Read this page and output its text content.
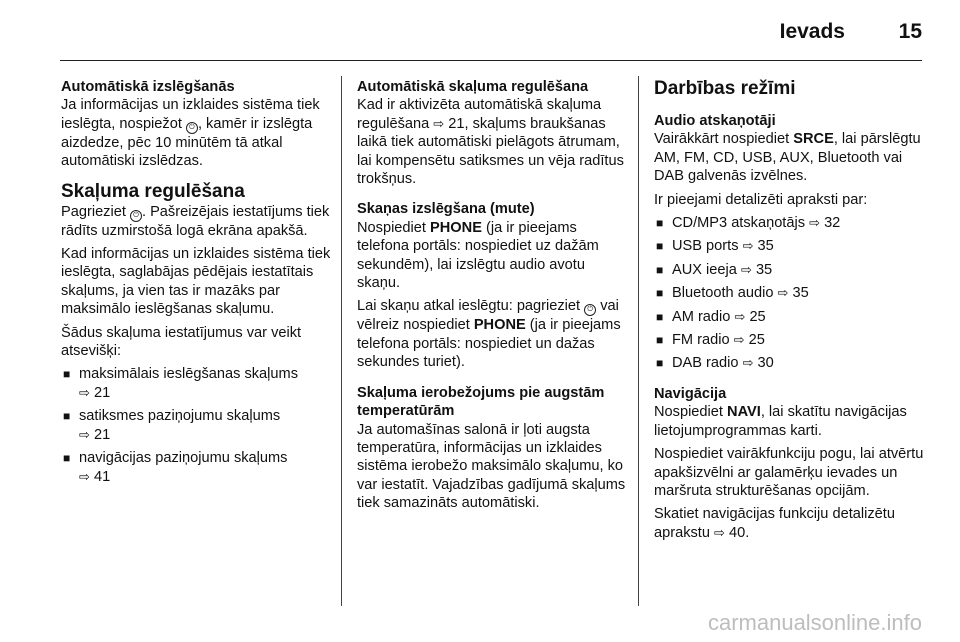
Ievads	15
Automātiskā izslēgšanās

Ja informācijas un izklaides sistēma tiek ieslēgta, nospiežot ⏻ , kamēr ir izslēgta aizdedze, pēc 10 minūtēm tā atkal automātiski izslēdzas.

Skaļuma regulēšana

Pagrieziet ⏻ . Pašreizējais iestatījums tiek rādīts uzmirstošā logā ekrāna apakšā.

Kad informācijas un izklaides sistēma tiek ieslēgta, saglabājas pēdējais iestatītais skaļums, ja vien tas ir mazāks par maksimālo ieslēgšanas skaļumu.

Šādus skaļuma iestatījumus var veikt atsevišķi:

■ maksimālais ieslēgšanas skaļums
⇨ 21
■ satiksmes paziņojumu skaļums
⇨ 21
■ navigācijas paziņojumu skaļums
⇨ 41
Automātiskā skaļuma regulēšana

Kad ir aktivizēta automātiskā skaļuma regulēšana ⇨ 21, skaļums braukšanas laikā tiek automātiski pielāgots ātrumam, lai kompensētu satiksmes un vēja radītus trokšņus.

Skaņas izslēgšana (mute)

Nospiediet PHONE (ja ir pieejams telefona portāls: nospiediet uz dažām sekundēm), lai izslēgtu audio avotu skaņu.

Lai skaņu atkal ieslēgtu: pagrieziet ⏻ vai vēlreiz nospiediet PHONE (ja ir pieejams telefona portāls: nospiediet un dažas sekundes turiet).

Skaļuma ierobežojums pie augstām temperatūrām

Ja automašīnas salonā ir ļoti augsta temperatūra, informācijas un izklaides sistēma ierobežo maksimālo skaļumu, ko var iestatīt. Vajadzības gadījumā skaļums tiek samazināts automātiski.

Darbības režīmi
Audio atskaņotāji

Vairākkārt nospiediet SRCE, lai pārslēgtu AM, FM, CD, USB, AUX, Bluetooth vai DAB galvenās izvēlnes.

Ir pieejami detalizēti apraksti par:

■ CD/MP3 atskaņotājs ⇨ 32
■ USB ports ⇨ 35
■ AUX ieeja ⇨ 35
■ Bluetooth audio ⇨ 35
■ AM radio ⇨ 25
■ FM radio ⇨ 25
■ DAB radio ⇨ 30
Navigācija

Nospiediet NAVI, lai skatītu navigācijas lietojumprogrammas karti.

Nospiediet vairākfunkciju pogu, lai atvērtu apakšizvēlni ar galamērķu ievades un maršruta strukturēšanas opcijām.

Skatiet navigācijas funkciju detalizētu aprakstu ⇨ 40.

carmanualsonline.info
